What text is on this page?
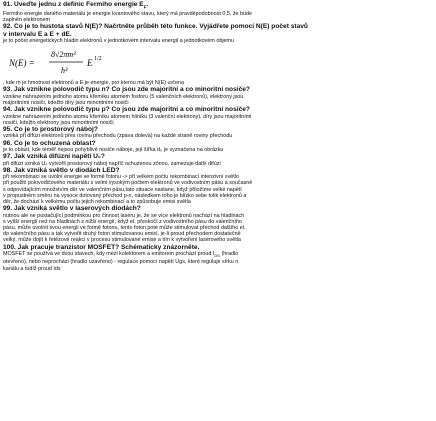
91. Uveďte jednu z definic Fermiho energie $E_F$.
Fermiho energie daného materiálu je energie kvantového stavu, který má pravděpodobnost 0,5, že bude
zaplněn elektronem
92. Co je to hustota stavů N(E)? Načrtněte průběh této funkce. Vyjádřete pomocí N(E) počet stavů
v intervalu E a E + dE.
je to počet energetických hladin elektronů v jednotkovém intervalu energií a jednotkovém objemu
N(E) =
8√2πm³
h³
E 1/2
, kde m je hmotnost elektronů a E je energie, pro kterou má být N(E) určena
93. Jak vznikne polovodič typu n? Co jsou zde majoritní a co minoritní nosiče?
vznikne nahrazením jednoho atomu křemíku atomem fosforu (5 valenčních elektronů), elektrony jsou
majoritními nosiči, kdežto díry jsou minoritními nosiči
94. Jak vznikne polovodič typu p? Co jsou zde majoritní a co minoritní nosiče?
vznikne nahrazením jednoho atomu křemíku atomem hliníku (3 valenční elektrony), díry jsou majoritními
nosiči, kdežto elektrony jsou minoritními nosiči
95. Co je to prostorový náboj?
vzniká při difúzi elektronů přes rovinu přechodu (zpava doleva) na každé straně roviny přechodu
96. Co je to ochuzená oblast?
je to oblast, kde téměř nejsou pohyblivé nosiče náboje, její šířka d₀ je vyznačena na obrázku
97. Jak vzniká difúzní napětí U₀?
při difúzi vzniká U₀ vytvořil prostorový náboj napříč ochuzenou zónou, zamezuje další difúzi
98. Jak vzniká světlo v diodách LED?
při rekombinaci se uvolní energie ve formě fotonu -> při velkém počtu rekombinací intenzivní světlo
při použití polovodičového materiálu s velmi vysokým počtem elektronů ve vodivostním pásu a současně
s odpovídajícím množstvím děr ve valenčním pásu,tato situace nastane, když přiložíme velké napětí
v propustném směru na vysoce dotovaný přechod p-n, následkem toho je blízko sebe tolik elektronů a
děr, že dochází k velkému počtu jejich rekombinací a to způsobuje emisi světla
99. Jak vzniká světlo v laserových diodách?
nutnou ale ne postačující podmínkou pro činnost laseru je, že se více elektronů nachází na hladinách
s vyšší energií než na hladinách s nižší energií, když el. přeskočí z vodivostního pásu do valenčního
pásu, může uvolnit svou energii ve formě fotonu, tento foton poté může stimulovat přechod dalšího el.
do valenčního pásu a tak vytvořit druhý foton stimulovanou emisí, je-li proud přechodem dostatečně
velký, může dojít k řetězové reakci v procesu stimulované emise a tím k vytvoření laserového světla
100. Jak pracuje tranzistor MOSFET? Schématicky znázorněte.
MOSFET se používá ve dvou stavech, kdy mezi kolektorem a emitorem prochází proud $I_{DS}$ (hradlo
otevřeno), nebo neprochází (hradlo uzavřeno) - regulace pomocí napětí Ugs, které reguluje sírku n
kanálu a tudíž proud Ids
